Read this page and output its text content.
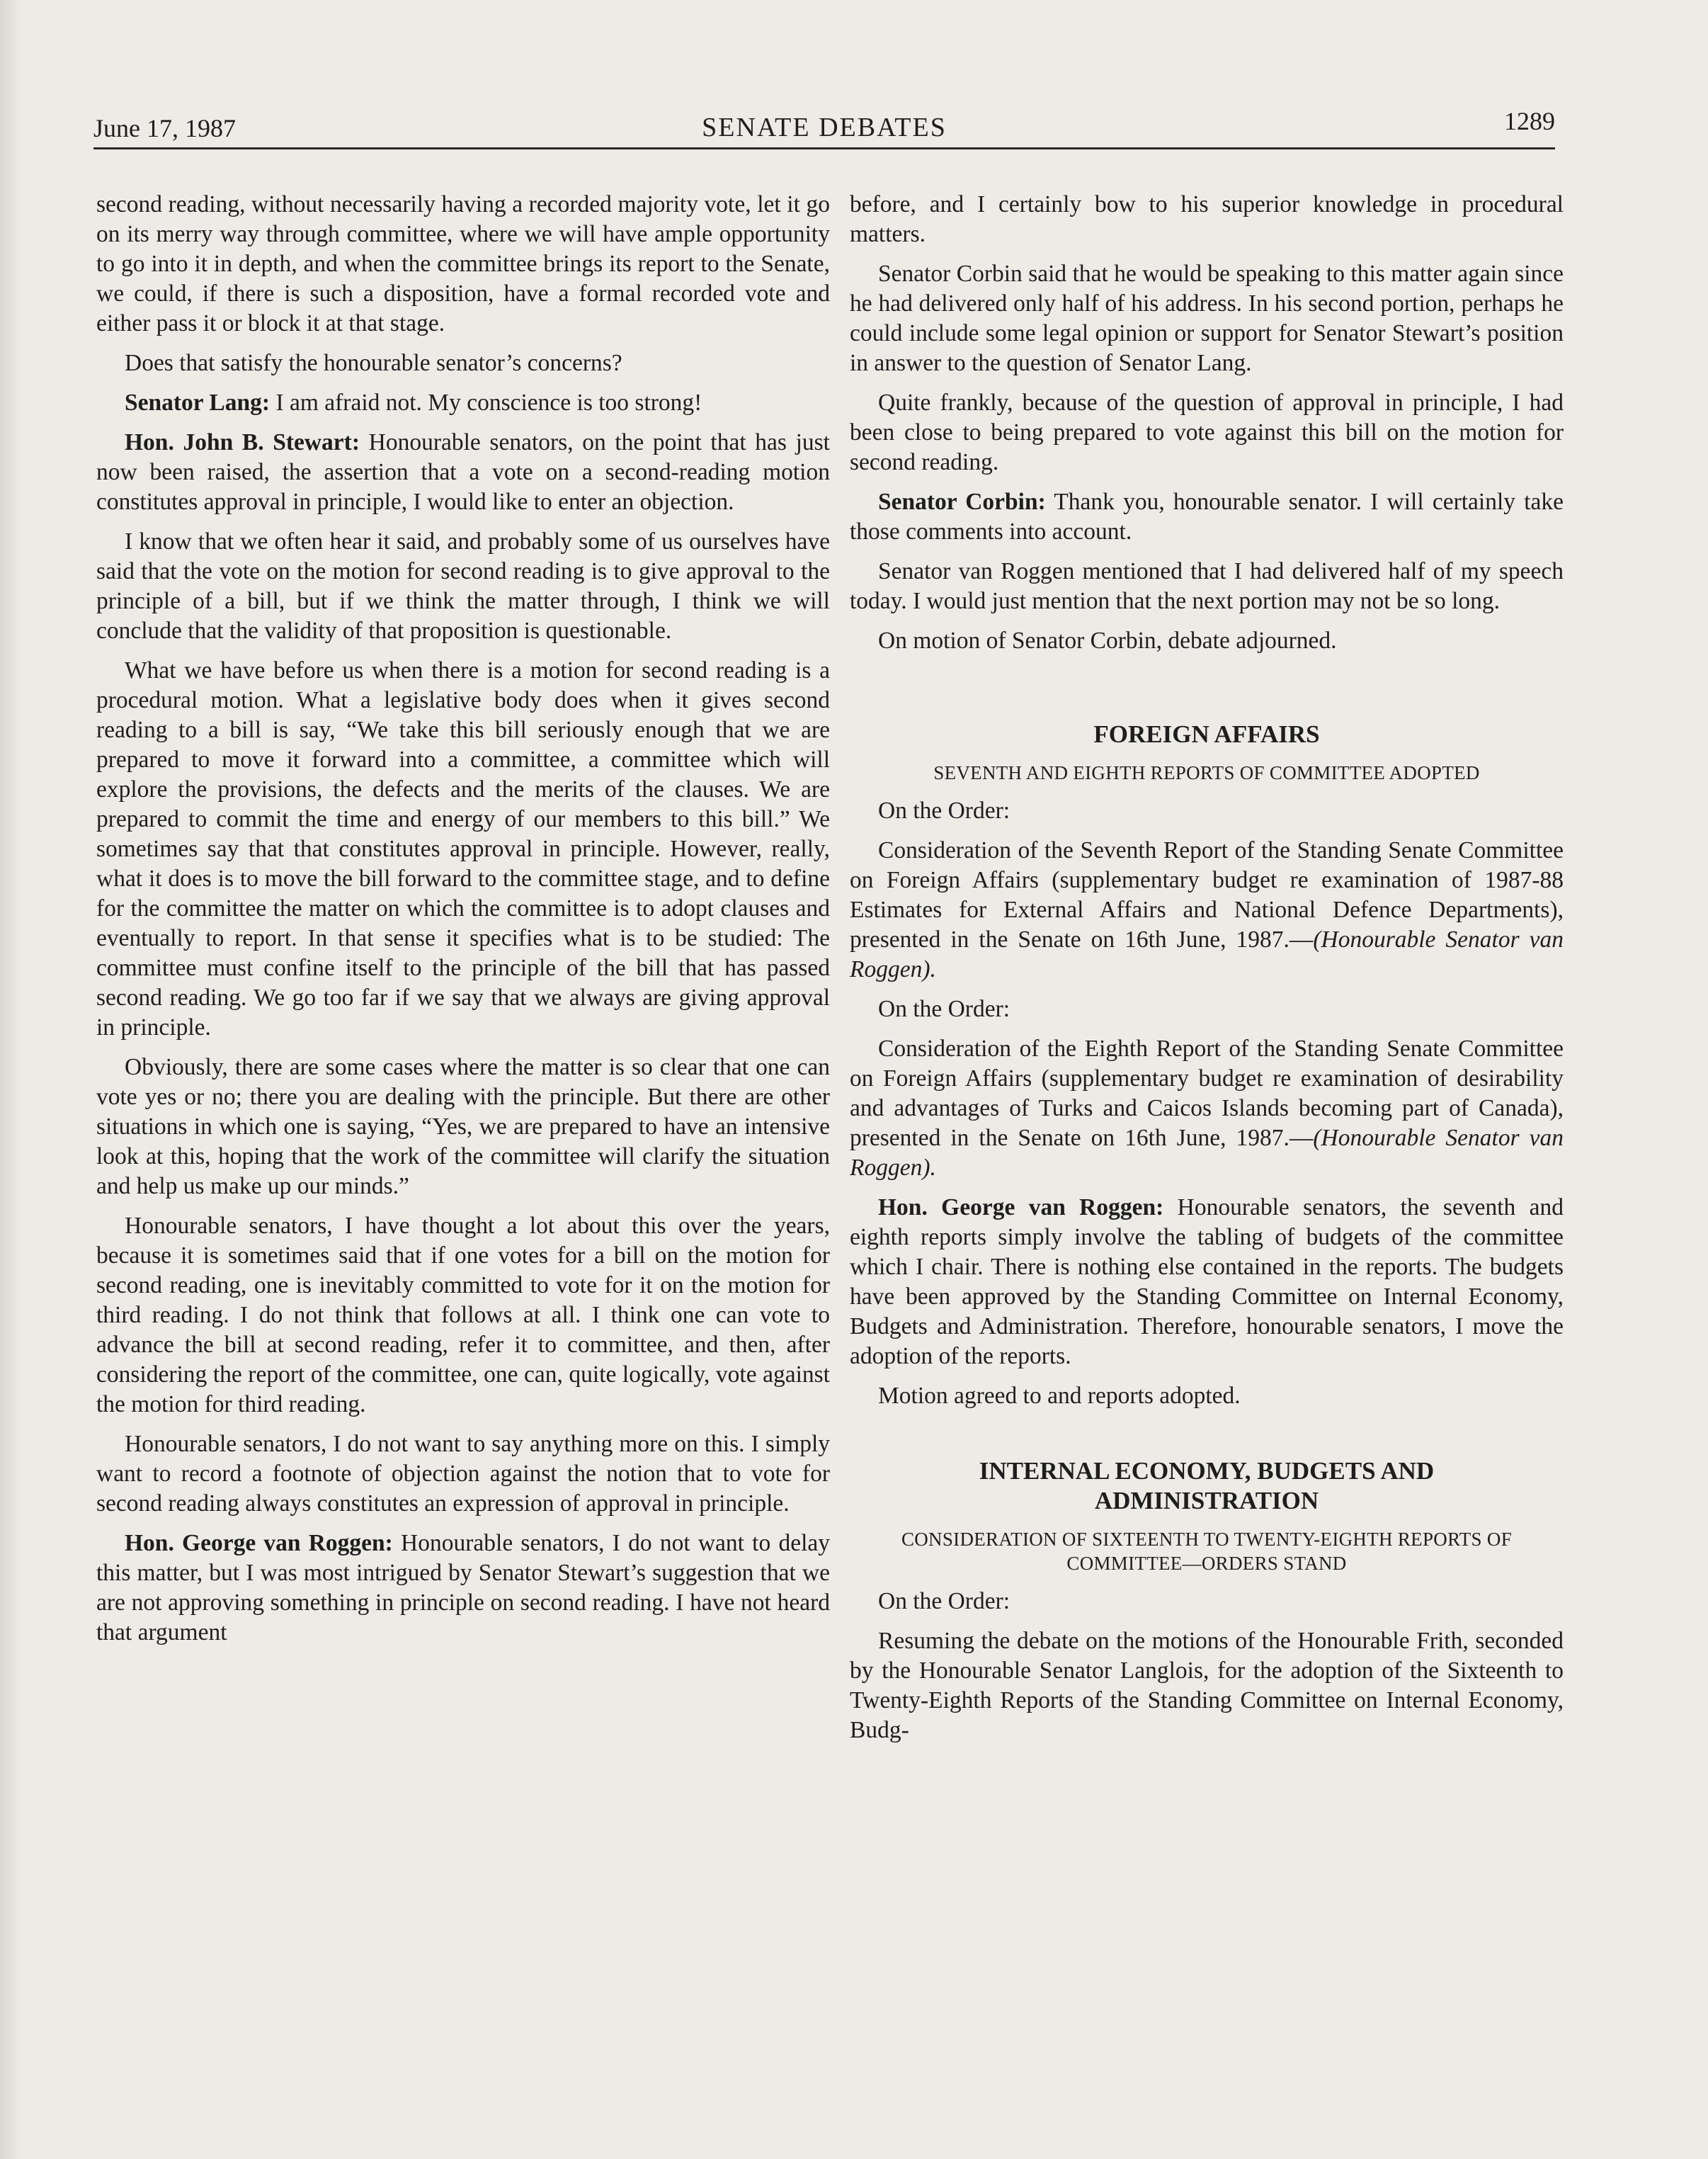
June 17, 1987	SENATE DEBATES	1289

second reading, without necessarily having a recorded majority vote, let it go on its merry way through committee, where we will have ample opportunity to go into it in depth, and when the committee brings its report to the Senate, we could, if there is such a disposition, have a formal recorded vote and either pass it or block it at that stage.

Does that satisfy the honourable senator’s concerns?

Senator Lang: I am afraid not. My conscience is too strong!

Hon. John B. Stewart: Honourable senators, on the point that has just now been raised, the assertion that a vote on a second-reading motion constitutes approval in principle, I would like to enter an objection.

I know that we often hear it said, and probably some of us ourselves have said that the vote on the motion for second reading is to give approval to the principle of a bill, but if we think the matter through, I think we will conclude that the validity of that proposition is questionable.

What we have before us when there is a motion for second reading is a procedural motion. What a legislative body does when it gives second reading to a bill is say, “We take this bill seriously enough that we are prepared to move it forward into a committee, a committee which will explore the provisions, the defects and the merits of the clauses. We are prepared to commit the time and energy of our members to this bill.” We sometimes say that that constitutes approval in principle. However, really, what it does is to move the bill forward to the committee stage, and to define for the committee the matter on which the committee is to adopt clauses and eventually to report. In that sense it specifies what is to be studied: The committee must confine itself to the principle of the bill that has passed second reading. We go too far if we say that we always are giving approval in principle.

Obviously, there are some cases where the matter is so clear that one can vote yes or no; there you are dealing with the principle. But there are other situations in which one is saying, “Yes, we are prepared to have an intensive look at this, hoping that the work of the committee will clarify the situation and help us make up our minds.”

Honourable senators, I have thought a lot about this over the years, because it is sometimes said that if one votes for a bill on the motion for second reading, one is inevitably committed to vote for it on the motion for third reading. I do not think that follows at all. I think one can vote to advance the bill at second reading, refer it to committee, and then, after considering the report of the committee, one can, quite logically, vote against the motion for third reading.

Honourable senators, I do not want to say anything more on this. I simply want to record a footnote of objection against the notion that to vote for second reading always constitutes an expression of approval in principle.

Hon. George van Roggen: Honourable senators, I do not want to delay this matter, but I was most intrigued by Senator Stewart’s suggestion that we are not approving something in principle on second reading. I have not heard that argument

before, and I certainly bow to his superior knowledge in procedural matters.

Senator Corbin said that he would be speaking to this matter again since he had delivered only half of his address. In his second portion, perhaps he could include some legal opinion or support for Senator Stewart’s position in answer to the question of Senator Lang.

Quite frankly, because of the question of approval in principle, I had been close to being prepared to vote against this bill on the motion for second reading.

Senator Corbin: Thank you, honourable senator. I will certainly take those comments into account.

Senator van Roggen mentioned that I had delivered half of my speech today. I would just mention that the next portion may not be so long.

On motion of Senator Corbin, debate adjourned.

FOREIGN AFFAIRS
SEVENTH AND EIGHTH REPORTS OF COMMITTEE ADOPTED

On the Order:

Consideration of the Seventh Report of the Standing Senate Committee on Foreign Affairs (supplementary budget re examination of 1987-88 Estimates for External Affairs and National Defence Departments), presented in the Senate on 16th June, 1987.—(Honourable Senator van Roggen).

On the Order:

Consideration of the Eighth Report of the Standing Senate Committee on Foreign Affairs (supplementary budget re examination of desirability and advantages of Turks and Caicos Islands becoming part of Canada), presented in the Senate on 16th June, 1987.—(Honourable Senator van Roggen).

Hon. George van Roggen: Honourable senators, the seventh and eighth reports simply involve the tabling of budgets of the committee which I chair. There is nothing else contained in the reports. The budgets have been approved by the Standing Committee on Internal Economy, Budgets and Administration. Therefore, honourable senators, I move the adoption of the reports.

Motion agreed to and reports adopted.

INTERNAL ECONOMY, BUDGETS AND ADMINISTRATION
CONSIDERATION OF SIXTEENTH TO TWENTY-EIGHTH REPORTS OF COMMITTEE—ORDERS STAND

On the Order:

Resuming the debate on the motions of the Honourable Frith, seconded by the Honourable Senator Langlois, for the adoption of the Sixteenth to Twenty-Eighth Reports of the Standing Committee on Internal Economy, Budg-
